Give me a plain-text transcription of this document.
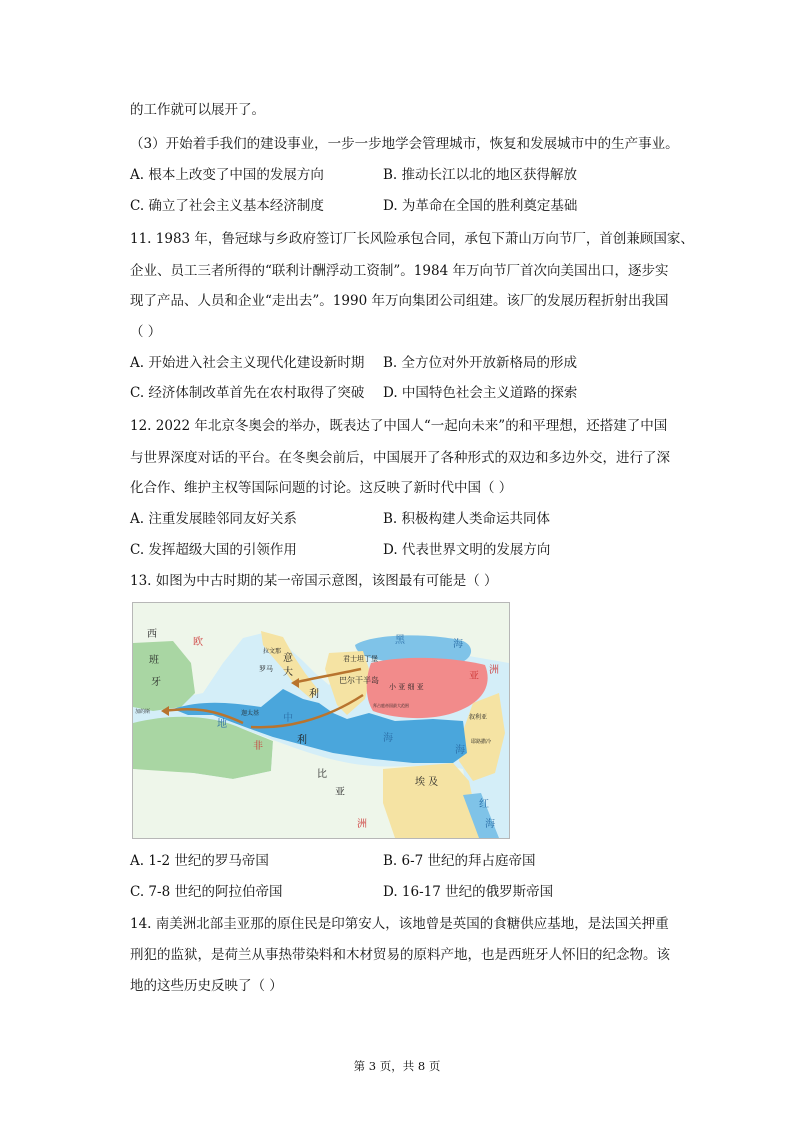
的工作就可以展开了。
（3）开始着手我们的建设事业，一步一步地学会管理城市，恢复和发展城市中的生产事业。
A. 根本上改变了中国的发展方向	B. 推动长江以北的地区获得解放
C. 确立了社会主义基本经济制度	D. 为革命在全国的胜利奠定基础
11. 1983 年，鲁冠球与乡政府签订厂长风险承包合同，承包下萧山万向节厂，首创兼顾国家、
企业、员工三者所得的“联利计酬浮动工资制”。1984 年万向节厂首次向美国出口，逐步实
现了产品、人员和企业“走出去”。1990 年万向集团公司组建。该厂的发展历程折射出我国
（ ）
A. 开始进入社会主义现代化建设新时期 B. 全方位对外开放新格局的形成
C. 经济体制改革首先在农村取得了突破 D. 中国特色社会主义道路的探索
12. 2022 年北京冬奥会的举办，既表达了中国人“一起向未来”的和平理想，还搭建了中国
与世界深度对话的平台。在冬奥会前后，中国展开了各种形式的双边和多边外交，进行了深
化合作、维护主权等国际问题的讨论。这反映了新时代中国（ ）
A. 注重发展睦邻同友好关系	B. 积极构建人类命运共同体
C. 发挥超级大国的引领作用	D. 代表世界文明的发展方向
13. 如图为中古时期的某一帝国示意图，该图最有可能是（ ）
西
班
牙
欧
洲
拉文那
罗马
意
大
利
君士坦丁堡
黑	海
亚
小 亚 细 亚
巴尔干半岛
叙利亚
耶路撒冷
迦太基
加的斯
地
中
海
非
利
比
亚
埃 及
洲
红
海
海
拜占庭帝国最大范围
A. 1-2 世纪的罗马帝国	B. 6-7 世纪的拜占庭帝国
C. 7-8 世纪的阿拉伯帝国	D. 16-17 世纪的俄罗斯帝国
14. 南美洲北部圭亚那的原住民是印第安人，该地曾是英国的食糖供应基地，是法国关押重
刑犯的监狱，是荷兰从事热带染料和木材贸易的原料产地，也是西班牙人怀旧的纪念物。该
地的这些历史反映了（ ）
第 3 页，共 8 页
